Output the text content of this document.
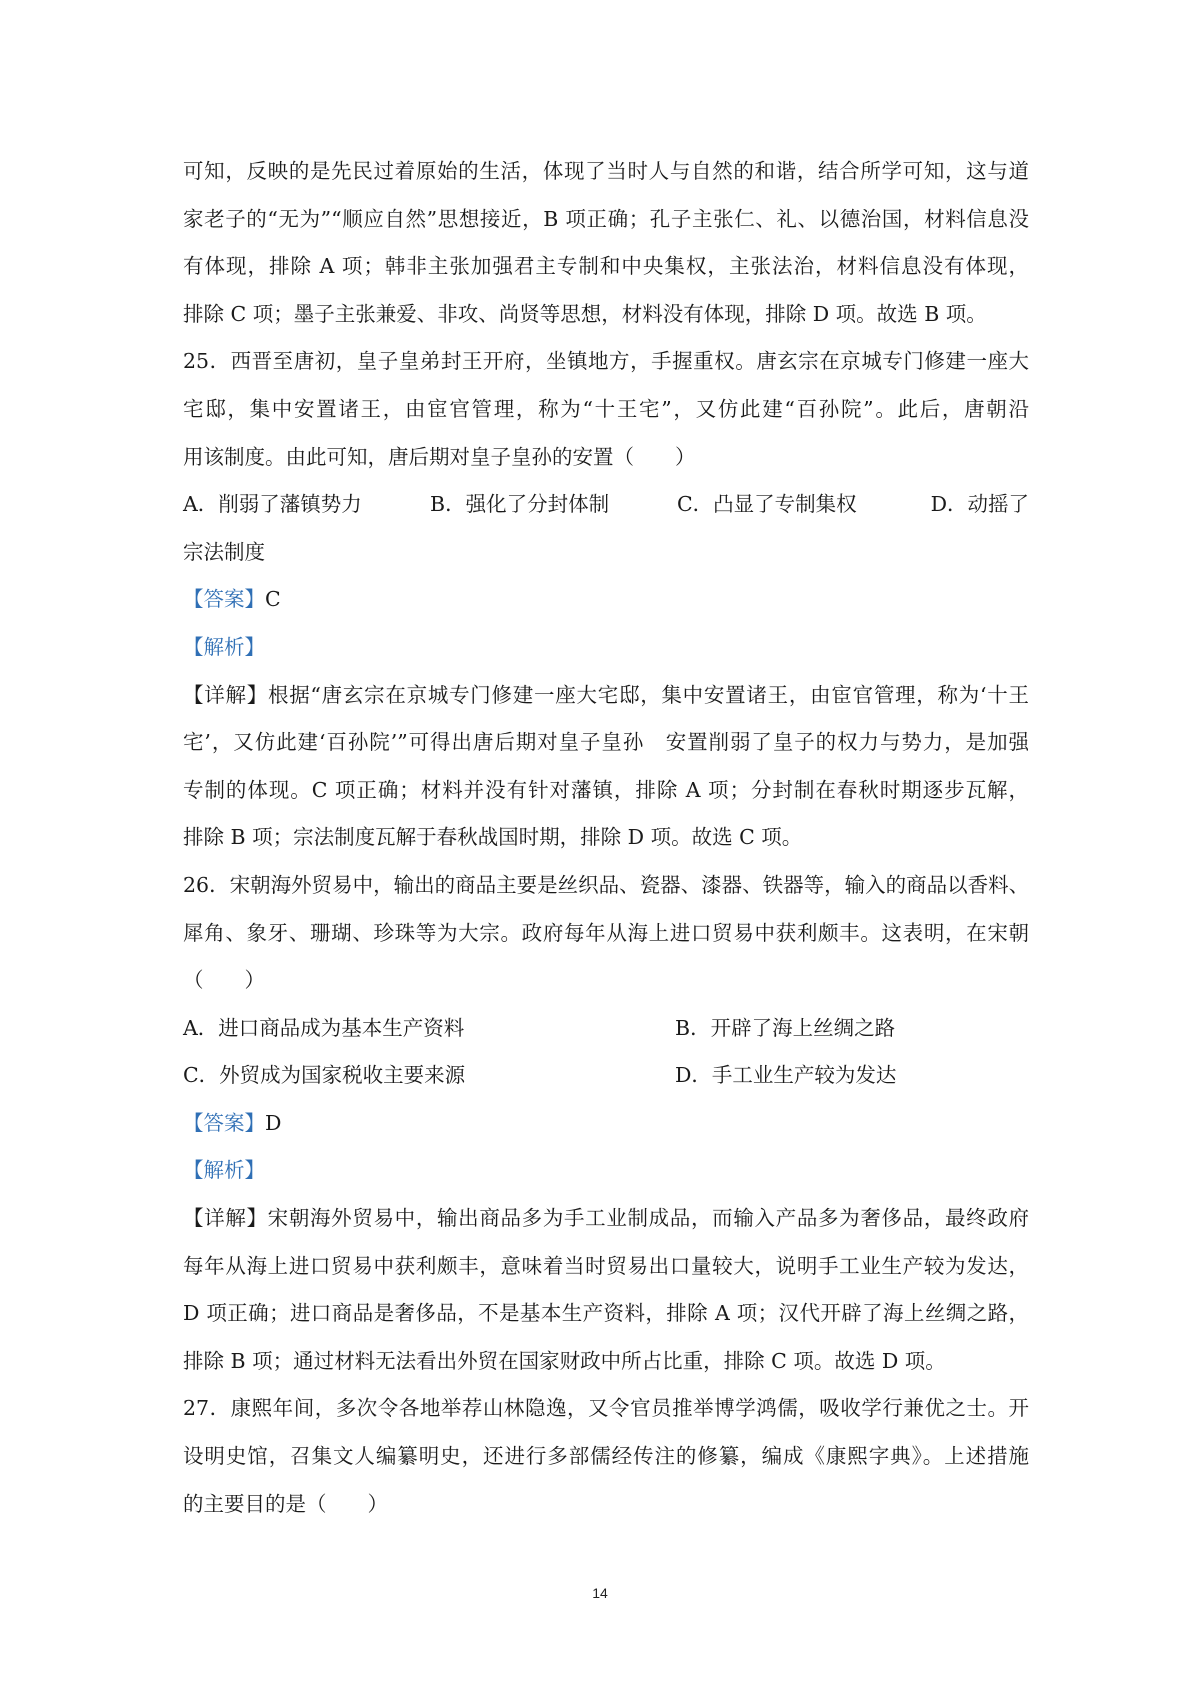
可知，反映的是先民过着原始的生活，体现了当时人与自然的和谐，结合所学可知，这与道
家老子的“无为”“顺应自然”思想接近，B 项正确；孔子主张仁、礼、以德治国，材料信息没
有体现，排除 A 项；韩非主张加强君主专制和中央集权，主张法治，材料信息没有体现，
排除 C 项；墨子主张兼爱、非攻、尚贤等思想，材料没有体现，排除 D 项。故选 B 项。
25．西晋至唐初，皇子皇弟封王开府，坐镇地方，手握重权。唐玄宗在京城专门修建一座大
宅邸，集中安置诸王，由宦官管理，称为“十王宅”，又仿此建“百孙院”。此后，唐朝沿
用该制度。由此可知，唐后期对皇子皇孙的安置（　　）
A．削弱了藩镇势力	B．强化了分封体制	C．凸显了专制集权	D．动摇了
宗法制度
【答案】C
【解析】
【详解】根据“唐玄宗在京城专门修建一座大宅邸，集中安置诸王，由宦官管理，称为‘十王
宅’，又仿此建‘百孙院’”可得出唐后期对皇子皇孙　安置削弱了皇子的权力与势力，是加强
专制的体现。C 项正确；材料并没有针对藩镇，排除 A 项；分封制在春秋时期逐步瓦解，
排除 B 项；宗法制度瓦解于春秋战国时期，排除 D 项。故选 C 项。
26．宋朝海外贸易中，输出的商品主要是丝织品、瓷器、漆器、铁器等，输入的商品以香料、
犀角、象牙、珊瑚、珍珠等为大宗。政府每年从海上进口贸易中获利颇丰。这表明，在宋朝
（　　）
A．进口商品成为基本生产资料	B．开辟了海上丝绸之路
C．外贸成为国家税收主要来源	D．手工业生产较为发达
【答案】D
【解析】
【详解】宋朝海外贸易中，输出商品多为手工业制成品，而输入产品多为奢侈品，最终政府
每年从海上进口贸易中获利颇丰，意味着当时贸易出口量较大，说明手工业生产较为发达，
D 项正确；进口商品是奢侈品，不是基本生产资料，排除 A 项；汉代开辟了海上丝绸之路，
排除 B 项；通过材料无法看出外贸在国家财政中所占比重，排除 C 项。故选 D 项。
27．康熙年间，多次令各地举荐山林隐逸，又令官员推举博学鸿儒，吸收学行兼优之士。开
设明史馆，召集文人编纂明史，还进行多部儒经传注的修纂，编成《康熙字典》。上述措施
的主要目的是（　　）
14
